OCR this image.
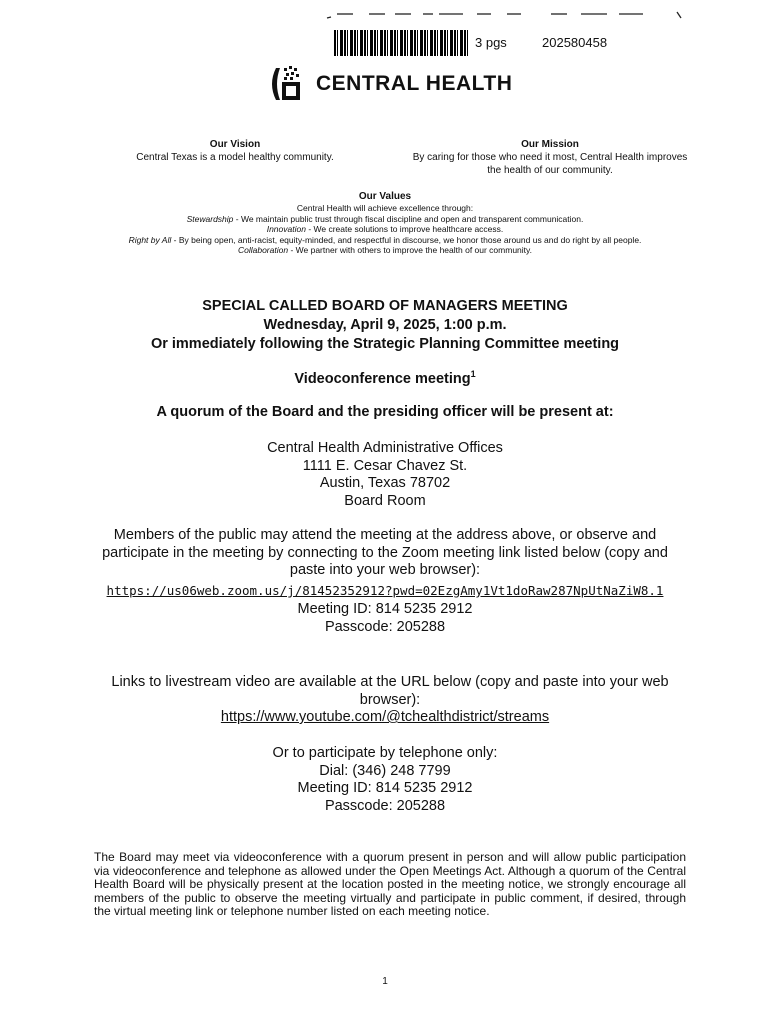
3 pgs	202580458
CENTRAL HEALTH
Our Vision
Central Texas is a model healthy community.
Our Mission
By caring for those who need it most, Central Health improves the health of our community.
Our Values
Central Health will achieve excellence through:
Stewardship - We maintain public trust through fiscal discipline and open and transparent communication.
Innovation - We create solutions to improve healthcare access.
Right by All - By being open, anti-racist, equity-minded, and respectful in discourse, we honor those around us and do right by all people.
Collaboration - We partner with others to improve the health of our community.
SPECIAL CALLED BOARD OF MANAGERS MEETING
Wednesday, April 9, 2025, 1:00 p.m.
Or immediately following the Strategic Planning Committee meeting
Videoconference meeting$^1$
A quorum of the Board and the presiding officer will be present at:
Central Health Administrative Offices
1111 E. Cesar Chavez St.
Austin, Texas 78702
Board Room
Members of the public may attend the meeting at the address above, or observe and participate in the meeting by connecting to the Zoom meeting link listed below (copy and paste into your web browser):
https://us06web.zoom.us/j/81452352912?pwd=02EzgAmy1Vt1doRaw287NpUtNaZiW8.1
Meeting ID: 814 5235 2912
Passcode: 205288
Links to livestream video are available at the URL below (copy and paste into your web browser):
https://www.youtube.com/@tchealthdistrict/streams
Or to participate by telephone only:
Dial: (346) 248 7799
Meeting ID: 814 5235 2912
Passcode: 205288
The Board may meet via videoconference with a quorum present in person and will allow public participation via videoconference and telephone as allowed under the Open Meetings Act. Although a quorum of the Central Health Board will be physically present at the location posted in the meeting notice, we strongly encourage all members of the public to observe the meeting virtually and participate in public comment, if desired, through the virtual meeting link or telephone number listed on each meeting notice.
1
